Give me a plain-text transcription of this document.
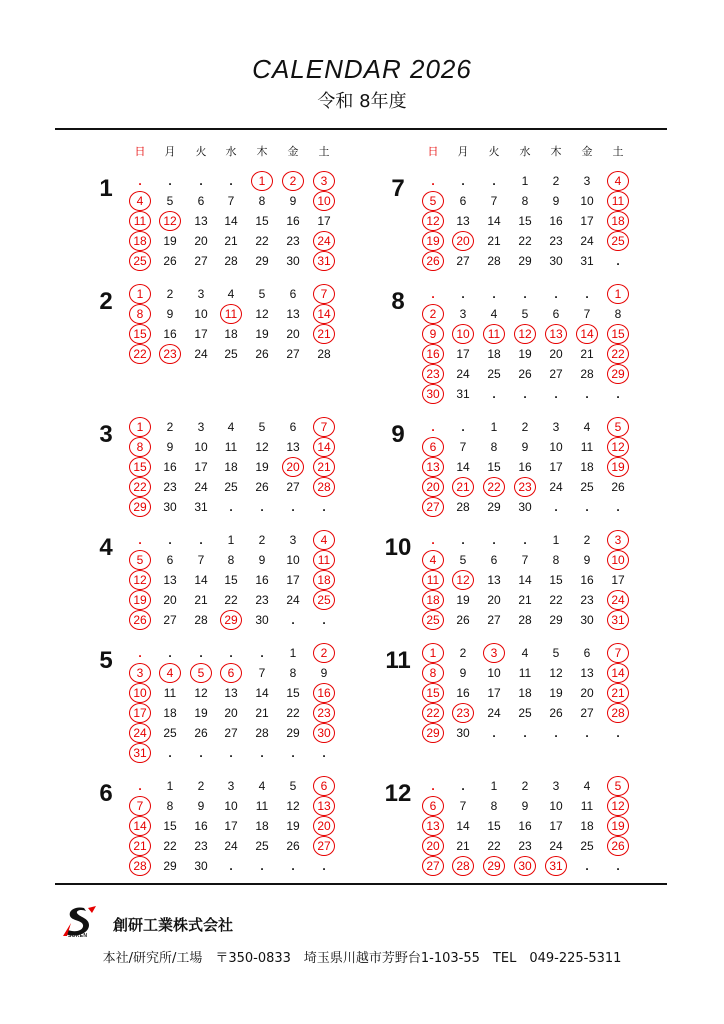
CALENDAR 2026
令和 8年度
日	月	火	水	木	金	土	日	月	火	水	木	金	土
1	.	.	.	.	1	2	3
4	5	6	7	8	9	10
11	12	13	14	15	16	17
18	19	20	21	22	23	24
25	26	27	28	29	30	31
2	1	2	3	4	5	6	7
8	9	10	11	12	13	14
15	16	17	18	19	20	21
22	23	24	25	26	27	28
3	1	2	3	4	5	6	7
8	9	10	11	12	13	14
15	16	17	18	19	20	21
22	23	24	25	26	27	28
29	30	31	.	.	.	.
4	.	.	.	1	2	3	4
5	6	7	8	9	10	11
12	13	14	15	16	17	18
19	20	21	22	23	24	25
26	27	28	29	30	.	.
5	.	.	.	.	.	1	2
3	4	5	6	7	8	9
10	11	12	13	14	15	16
17	18	19	20	21	22	23
24	25	26	27	28	29	30
31	.	.	.	.	.	.
6	.	1	2	3	4	5	6
7	8	9	10	11	12	13
14	15	16	17	18	19	20
21	22	23	24	25	26	27
28	29	30	.	.	.	.
7	.	.	.	1	2	3	4
5	6	7	8	9	10	11
12	13	14	15	16	17	18
19	20	21	22	23	24	25
26	27	28	29	30	31	.
8	.	.	.	.	.	.	1
2	3	4	5	6	7	8
9	10	11	12	13	14	15
16	17	18	19	20	21	22
23	24	25	26	27	28	29
30	31	.	.	.	.	.
9	.	.	1	2	3	4	5
6	7	8	9	10	11	12
13	14	15	16	17	18	19
20	21	22	23	24	25	26
27	28	29	30	.	.	.
10	.	.	.	.	1	2	3
4	5	6	7	8	9	10
11	12	13	14	15	16	17
18	19	20	21	22	23	24
25	26	27	28	29	30	31
11	1	2	3	4	5	6	7
8	9	10	11	12	13	14
15	16	17	18	19	20	21
22	23	24	25	26	27	28
29	30	.	.	.	.	.
12	.	.	1	2	3	4	5
6	7	8	9	10	11	12
13	14	15	16	17	18	19
20	21	22	23	24	25	26
27	28	29	30	31	.	.
SOKEN
創研工業株式会社
本社/研究所/工場　〒350-0833　埼玉県川越市芳野台1-103-55　TEL　049-225-5311
